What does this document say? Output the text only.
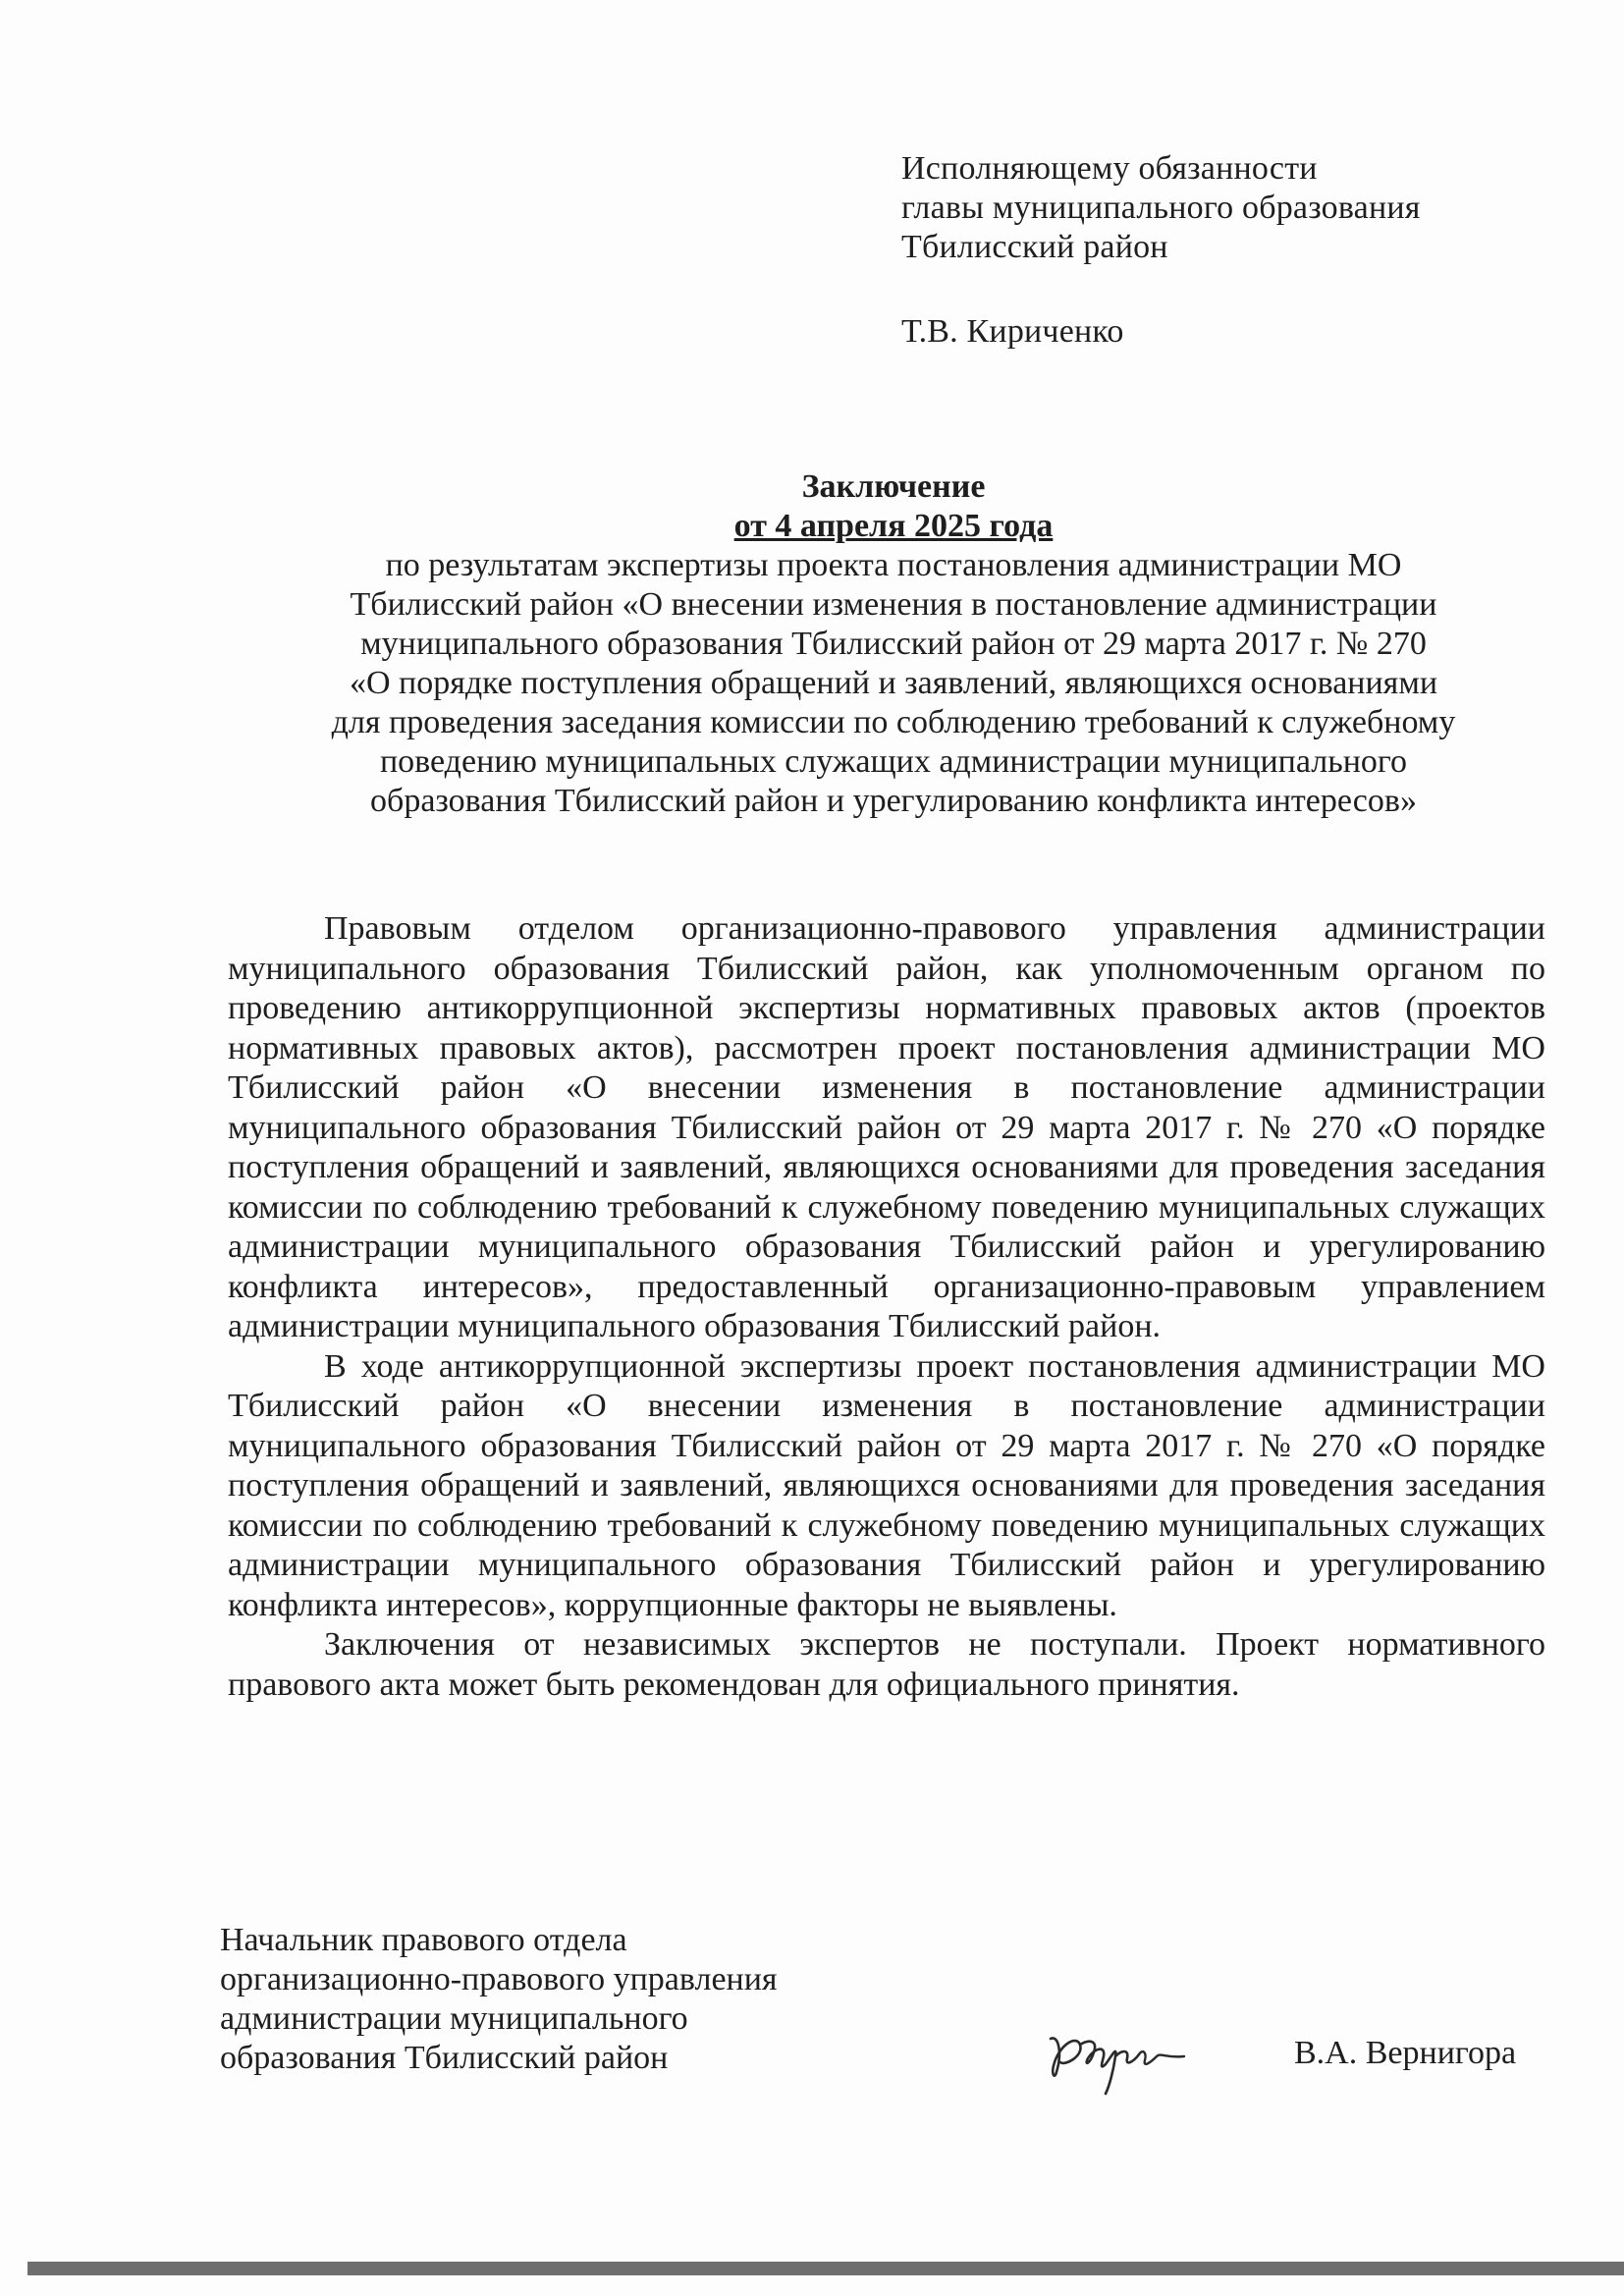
Исполняющему обязанности
главы муниципального образования
Тбилисский район
Т.В. Кириченко
Заключение
от 4 апреля 2025 года
по результатам экспертизы проекта постановления администрации МО
Тбилисский район «О внесении изменения в постановление администрации
муниципального образования Тбилисский район от 29 марта 2017 г. № 270
«О порядке поступления обращений и заявлений, являющихся основаниями
для проведения заседания комиссии по соблюдению требований к служебному
поведению муниципальных служащих администрации муниципального
образования Тбилисский район и урегулированию конфликта интересов»

Правовым отделом организационно-правового управления администрации муниципального образования Тбилисский район, как уполномоченным органом по проведению антикоррупционной экспертизы нормативных правовых актов (проектов нормативных правовых актов), рассмотрен проект постановления администрации МО Тбилисский район «О внесении изменения в постановление администрации муниципального образования Тбилисский район от 29 марта 2017 г. № 270 «О порядке поступления обращений и заявлений, являющихся основаниями для проведения заседания комиссии по соблюдению требований к служебному поведению муниципальных служащих администрации муниципального образования Тбилисский район и урегулированию конфликта интересов», предоставленный организационно-правовым управлением администрации муниципального образования Тбилисский район.

В ходе антикоррупционной экспертизы проект постановления администрации МО Тбилисский район «О внесении изменения в постановление администрации муниципального образования Тбилисский район от 29 марта 2017 г. № 270 «О порядке поступления обращений и заявлений, являющихся основаниями для проведения заседания комиссии по соблюдению требований к служебному поведению муниципальных служащих администрации муниципального образования Тбилисский район и урегулированию конфликта интересов», коррупционные факторы не выявлены.

Заключения от независимых экспертов не поступали. Проект нормативного правового акта может быть рекомендован для официального принятия.

Начальник правового отдела
организационно-правового управления
администрации муниципального
образования Тбилисский район	В.А. Вернигора
